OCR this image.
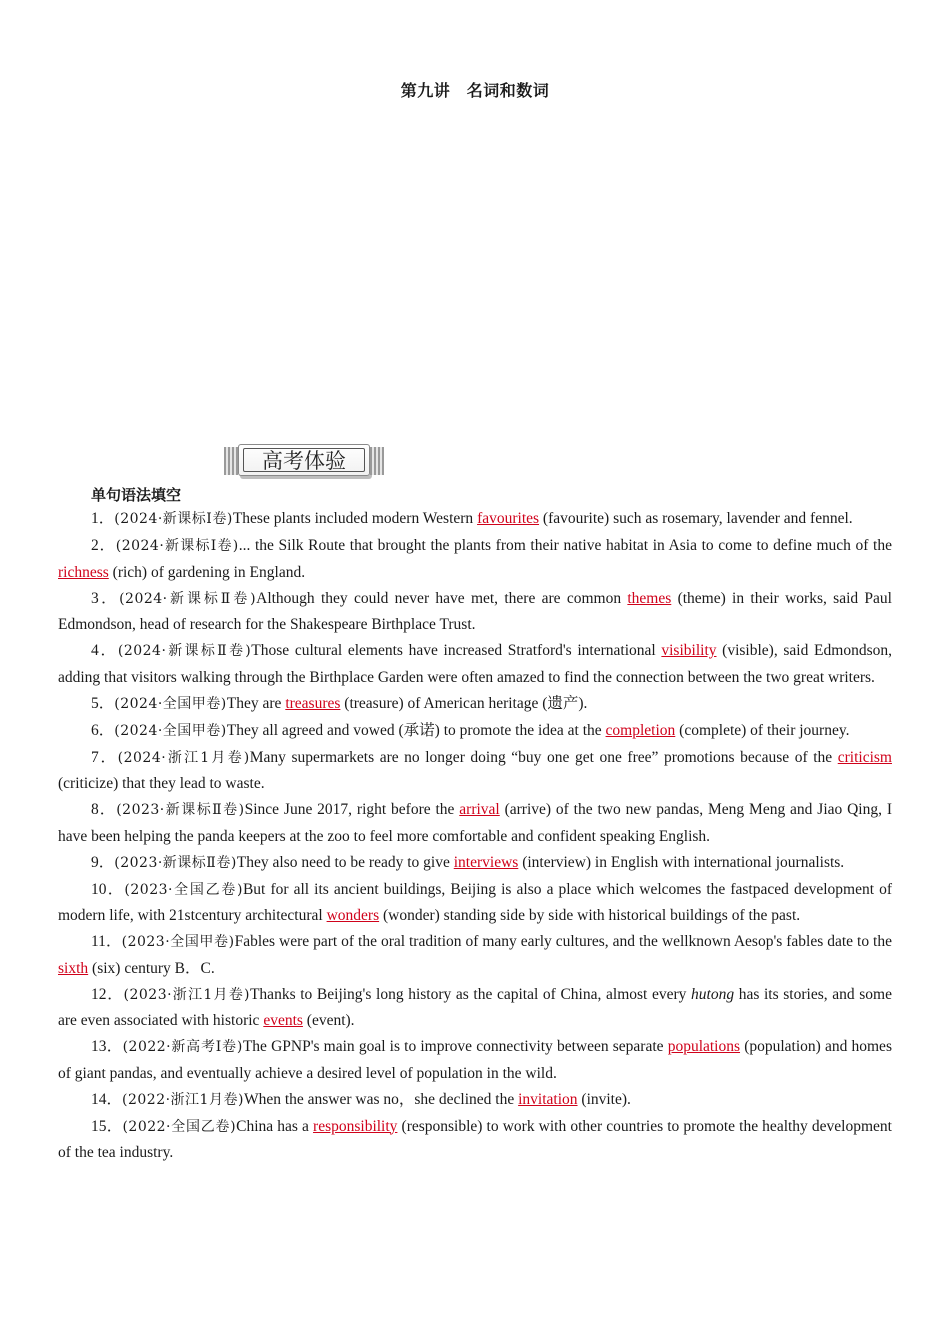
第九讲　名词和数词
高考体验
单句语法填空

1．(2024·新课标Ⅰ卷)These plants included modern Western favourites (favourite) such as rosemary, lavender and fennel.

2．(2024·新课标Ⅰ卷)... the Silk Route that brought the plants from their native habitat in Asia to come to define much of the richness (rich) of gardening in England.

3．(2024·新课标Ⅱ卷)Although they could never have met, there are common themes (theme) in their works, said Paul Edmondson, head of research for the Shakespeare Birthplace Trust.

4．(2024·新课标Ⅱ卷)Those cultural elements have increased Stratford's international visibility (visible), said Edmondson, adding that visitors walking through the Birthplace Garden were often amazed to find the connection between the two great writers.

5．(2024·全国甲卷)They are treasures (treasure) of American heritage (遗产).

6．(2024·全国甲卷)They all agreed and vowed (承诺) to promote the idea at the completion (complete) of their journey.

7．(2024·浙江1月卷)Many supermarkets are no longer doing “buy one get one free” promotions because of the criticism (criticize) that they lead to waste.

8．(2023·新课标Ⅱ卷)Since June 2017, right before the arrival (arrive) of the two new pandas, Meng Meng and Jiao Qing, I have been helping the panda keepers at the zoo to feel more comfortable and confident speaking English.

9．(2023·新课标Ⅱ卷)They also need to be ready to give interviews (interview) in English with international journalists.

10．(2023·全国乙卷)But for all its ancient buildings, Beijing is also a place which welcomes the fastpaced development of modern life, with 21stcentury architectural wonders (wonder) standing side by side with historical buildings of the past.

11．(2023·全国甲卷)Fables were part of the oral tradition of many early cultures, and the wellknown Aesop's fables date to the sixth (six) century B．C.

12．(2023·浙江1月卷)Thanks to Beijing's long history as the capital of China, almost every hutong has its stories, and some are even associated with historic events (event).

13．(2022·新高考Ⅰ卷)The GPNP's main goal is to improve connectivity between separate populations (population) and homes of giant pandas, and eventually achieve a desired level of population in the wild.

14．(2022·浙江1月卷)When the answer was no，she declined the invitation (invite).

15．(2022·全国乙卷)China has a responsibility (responsible) to work with other countries to promote the healthy development of the tea industry.
